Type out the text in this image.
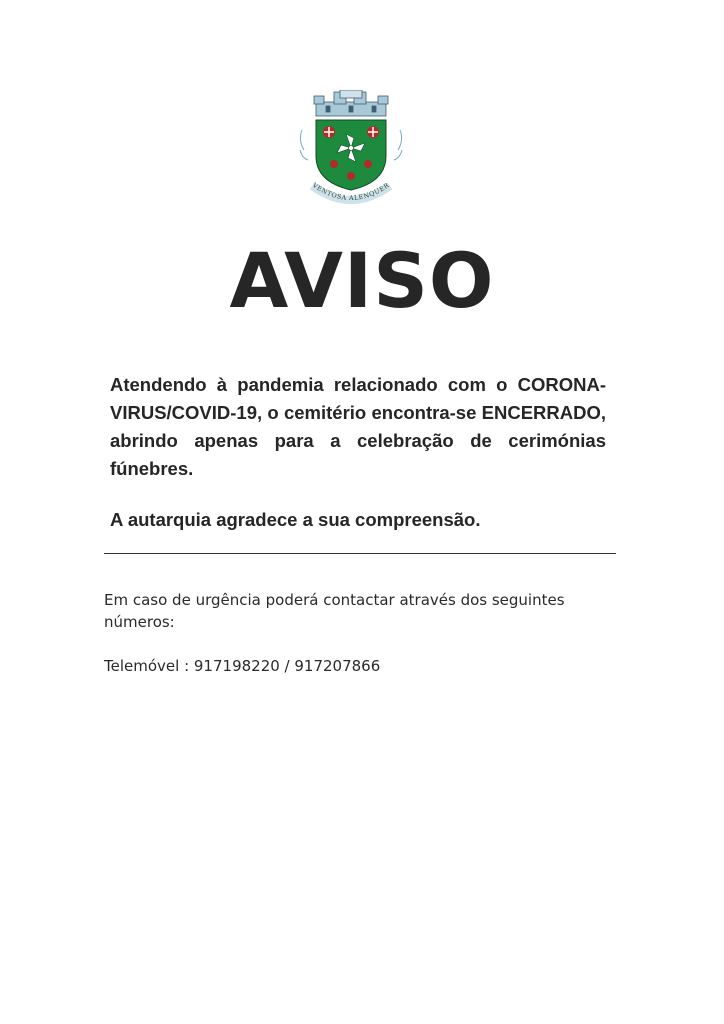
VENTOSA ALENQUER
AVISO
Atendendo à pandemia relacionado com o CORONA-VIRUS/COVID-19, o cemitério encontra-se ENCERRADO, abrindo apenas para a celebração de cerimónias fúnebres.
A autarquia agradece a sua compreensão.
Em caso de urgência poderá contactar através dos seguintes números:
Telemóvel : 917198220 / 917207866
